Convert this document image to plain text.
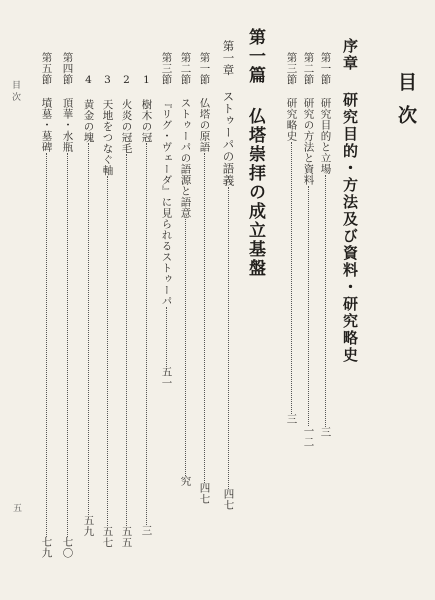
目次
序章 研究目的・方法及び資料・研究略史
第一節 研究目的と立場三
第二節 研究の方法と資料一二
第三節 研究略史三
第一篇 仏塔崇拝の成立基盤
第一章 ストゥーパの語義四七
第一節 仏塔の原語四七
第二節 ストゥーパの語源と語意究
第三節 『リグ・ヴェーダ』に見られるストゥーパ五一
1 樹木の冠三
2 火炎の冠毛五五
3 天地をつなぐ軸五七
4 黄金の塊五九
第四節 頂華・水瓶七〇
第五節 墳墓・墓碑七九
目次
五
